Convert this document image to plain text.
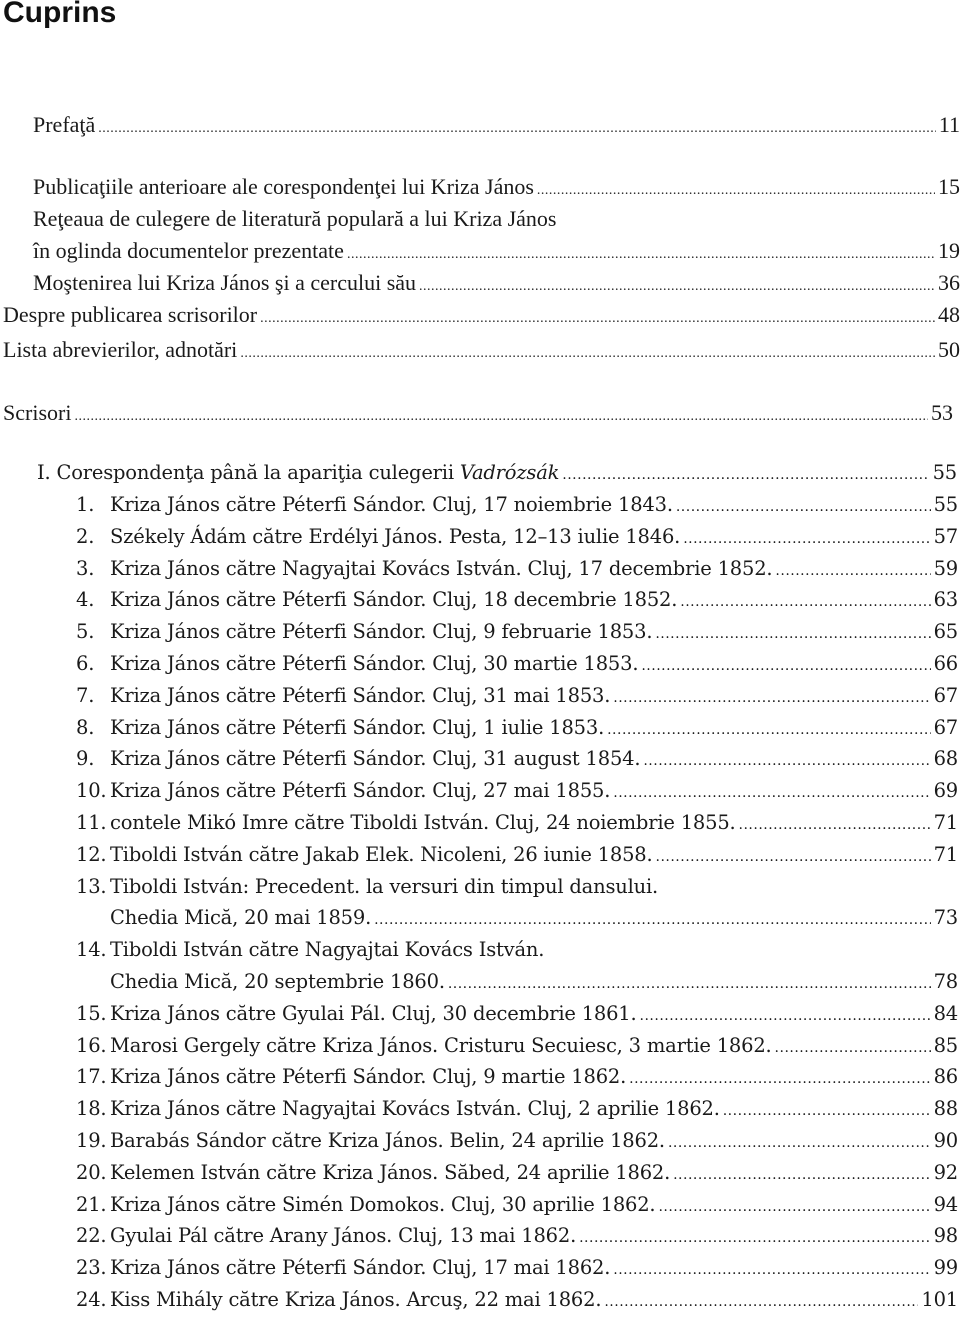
Cuprins
Prefaţă .....	11
Publicaţiile anterioare ale corespondenţei lui Kriza János .....	15
Reţeaua de culegere de literatură populară a lui Kriza János
în oglinda documentelor prezentate .....	19
Moştenirea lui Kriza János şi a cercului său .....	36
Despre publicarea scrisorilor .....	48
Lista abrevierilor, adnotări .....	50
Scrisori .....	53
I. Corespondenţa până la apariţia culegerii Vadrózsák .....	55
1. Kriza János către Péterfi Sándor. Cluj, 17 noiembrie 1843. .....	55
2. Székely Ádám către Erdélyi János. Pesta, 12–13 iulie 1846. .....	57
3. Kriza János către Nagyajtai Kovács István. Cluj, 17 decembrie 1852. .....	59
4. Kriza János către Péterfi Sándor. Cluj, 18 decembrie 1852. .....	63
5. Kriza János către Péterfi Sándor. Cluj, 9 februarie 1853. .....	65
6. Kriza János către Péterfi Sándor. Cluj, 30 martie 1853. .....	66
7. Kriza János către Péterfi Sándor. Cluj, 31 mai 1853. .....	67
8. Kriza János către Péterfi Sándor. Cluj, 1 iulie 1853. .....	67
9. Kriza János către Péterfi Sándor. Cluj, 31 august 1854. .....	68
10. Kriza János către Péterfi Sándor. Cluj, 27 mai 1855. .....	69
11. contele Mikó Imre către Tiboldi István. Cluj, 24 noiembrie 1855. .....	71
12. Tiboldi István către Jakab Elek. Nicoleni, 26 iunie 1858. .....	71
13. Tiboldi István: Precedent. la versuri din timpul dansului.
Chedia Mică, 20 mai 1859. .....	73
14. Tiboldi István către Nagyajtai Kovács István.
Chedia Mică, 20 septembrie 1860. .....	78
15. Kriza János către Gyulai Pál. Cluj, 30 decembrie 1861. .....	84
16. Marosi Gergely către Kriza János. Cristuru Secuiesc, 3 martie 1862. .....	85
17. Kriza János către Péterfi Sándor. Cluj, 9 martie 1862. .....	86
18. Kriza János către Nagyajtai Kovács István. Cluj, 2 aprilie 1862. .....	88
19. Barabás Sándor către Kriza János. Belin, 24 aprilie 1862. .....	90
20. Kelemen István către Kriza János. Săbed, 24 aprilie 1862. .....	92
21. Kriza János către Simén Domokos. Cluj, 30 aprilie 1862. .....	94
22. Gyulai Pál către Arany János. Cluj, 13 mai 1862. .....	98
23. Kriza János către Péterfi Sándor. Cluj, 17 mai 1862. .....	99
24. Kiss Mihály către Kriza János. Arcuş, 22 mai 1862. .....	101
